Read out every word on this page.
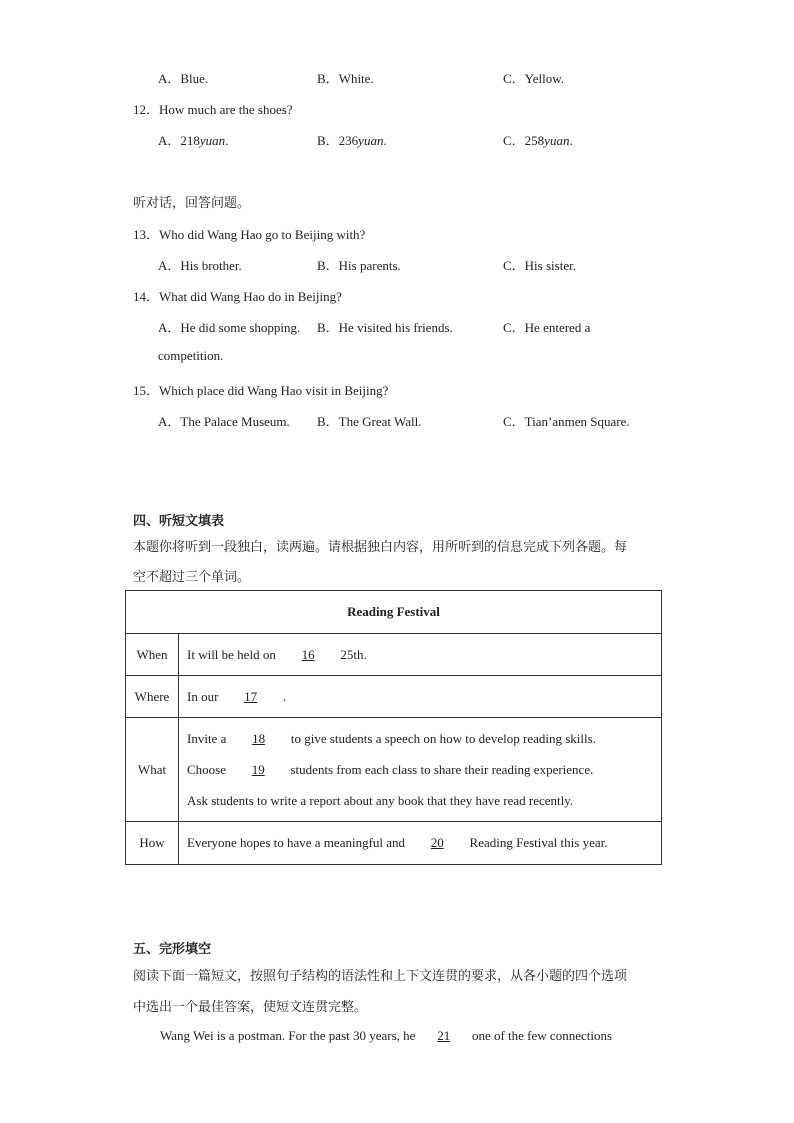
A．Blue.	B．White.	C．Yellow.
12．How much are the shoes?
A．218yuan.	B．236yuan.	C．258yuan.
听对话，回答问题。
13．Who did Wang Hao go to Beijing with?
A．His brother.	B．His parents.	C．His sister.
14．What did Wang Hao do in Beijing?
A．He did some shopping. B．He visited his friends.	C．He entered a
competition.
15．Which place did Wang Hao visit in Beijing?
A．The Palace Museum. B．The Great Wall.	C．Tian’anmen Square.
四、听短文填表
本题你将听到一段独白，读两遍。请根据独白内容，用所听到的信息完成下列各题。每
空不超过三个单词。
Reading Festival	
When	It will be held on 16 25th.
Where	In our 17 .
What	Invite a 18 to give students a speech on how to develop reading skills.
Choose 19 students from each class to share their reading experience.
Ask students to write a report about any book that they have read recently.

How	Everyone hopes to have a meaningful and 20 Reading Festival this year.
五、完形填空
阅读下面一篇短文，按照句子结构的语法性和上下文连贯的要求，从各小题的四个选项
中选出一个最佳答案，使短文连贯完整。
Wang Wei is a postman. For the past 30 years, he 21 one of the few connections
